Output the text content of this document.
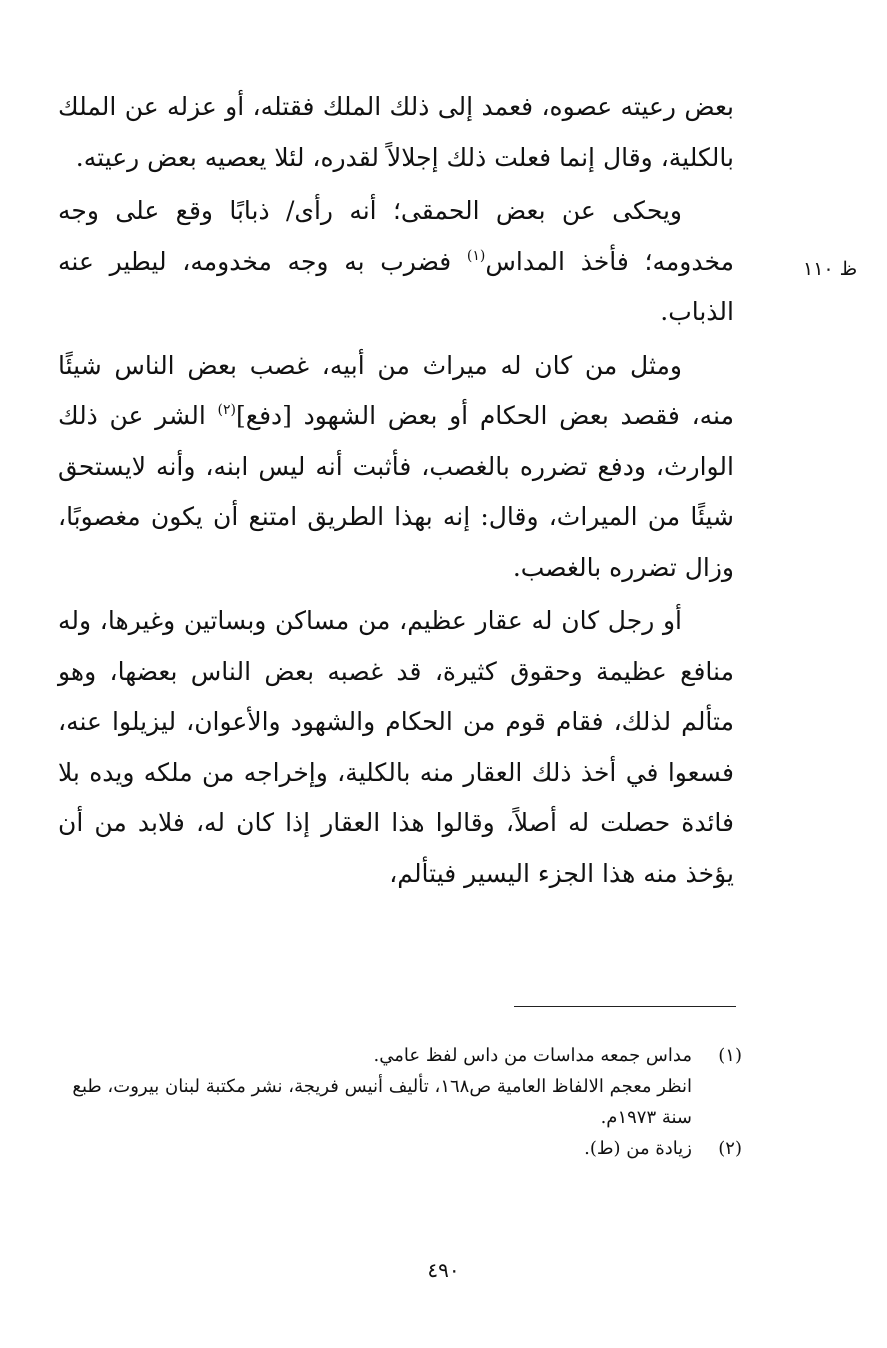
ظ ١١٠

بعض رعيته عصوه، فعمد إلى ذلك الملك فقتله، أو عزله عن الملك بالكلية، وقال إنما فعلت ذلك إجلالاً لقدره، لئلا يعصيه بعض رعيته.

ويحكى عن بعض الحمقى؛ أنه رأى/ ذبابًا وقع على وجه مخدومه؛ فأخذ المداس$^{(١)}$ فضرب به وجه مخدومه، ليطير عنه الذباب.

ومثل من كان له ميراث من أبيه، غصب بعض الناس شيئًا منه، فقصد بعض الحكام أو بعض الشهود [دفع]$^{(٢)}$ الشر عن ذلك الوارث، ودفع تضرره بالغصب، فأثبت أنه ليس ابنه، وأنه لايستحق شيئًا من الميراث، وقال: إنه بهذا الطريق امتنع أن يكون مغصوبًا، وزال تضرره بالغصب.

أو رجل كان له عقار عظيم، من مساكن وبساتين وغيرها، وله منافع عظيمة وحقوق كثيرة، قد غصبه بعض الناس بعضها، وهو متألم لذلك، فقام قوم من الحكام والشهود والأعوان، ليزيلوا عنه، فسعوا في أخذ ذلك العقار منه بالكلية، وإخراجه من ملكه ويده بلا فائدة حصلت له أصلاً، وقالوا هذا العقار إذا كان له، فلابد من أن يؤخذ منه هذا الجزء اليسير فيتألم،

(١)
مداس جمعه مداسات من داس لفظ عامي.
انظر معجم الالفاظ العامية ص١٦٨، تأليف أنيس فريجة، نشر مكتبة لبنان بيروت، طبع سنة ١٩٧٣م.
(٢)
زيادة من (ط).
٤٩٠
